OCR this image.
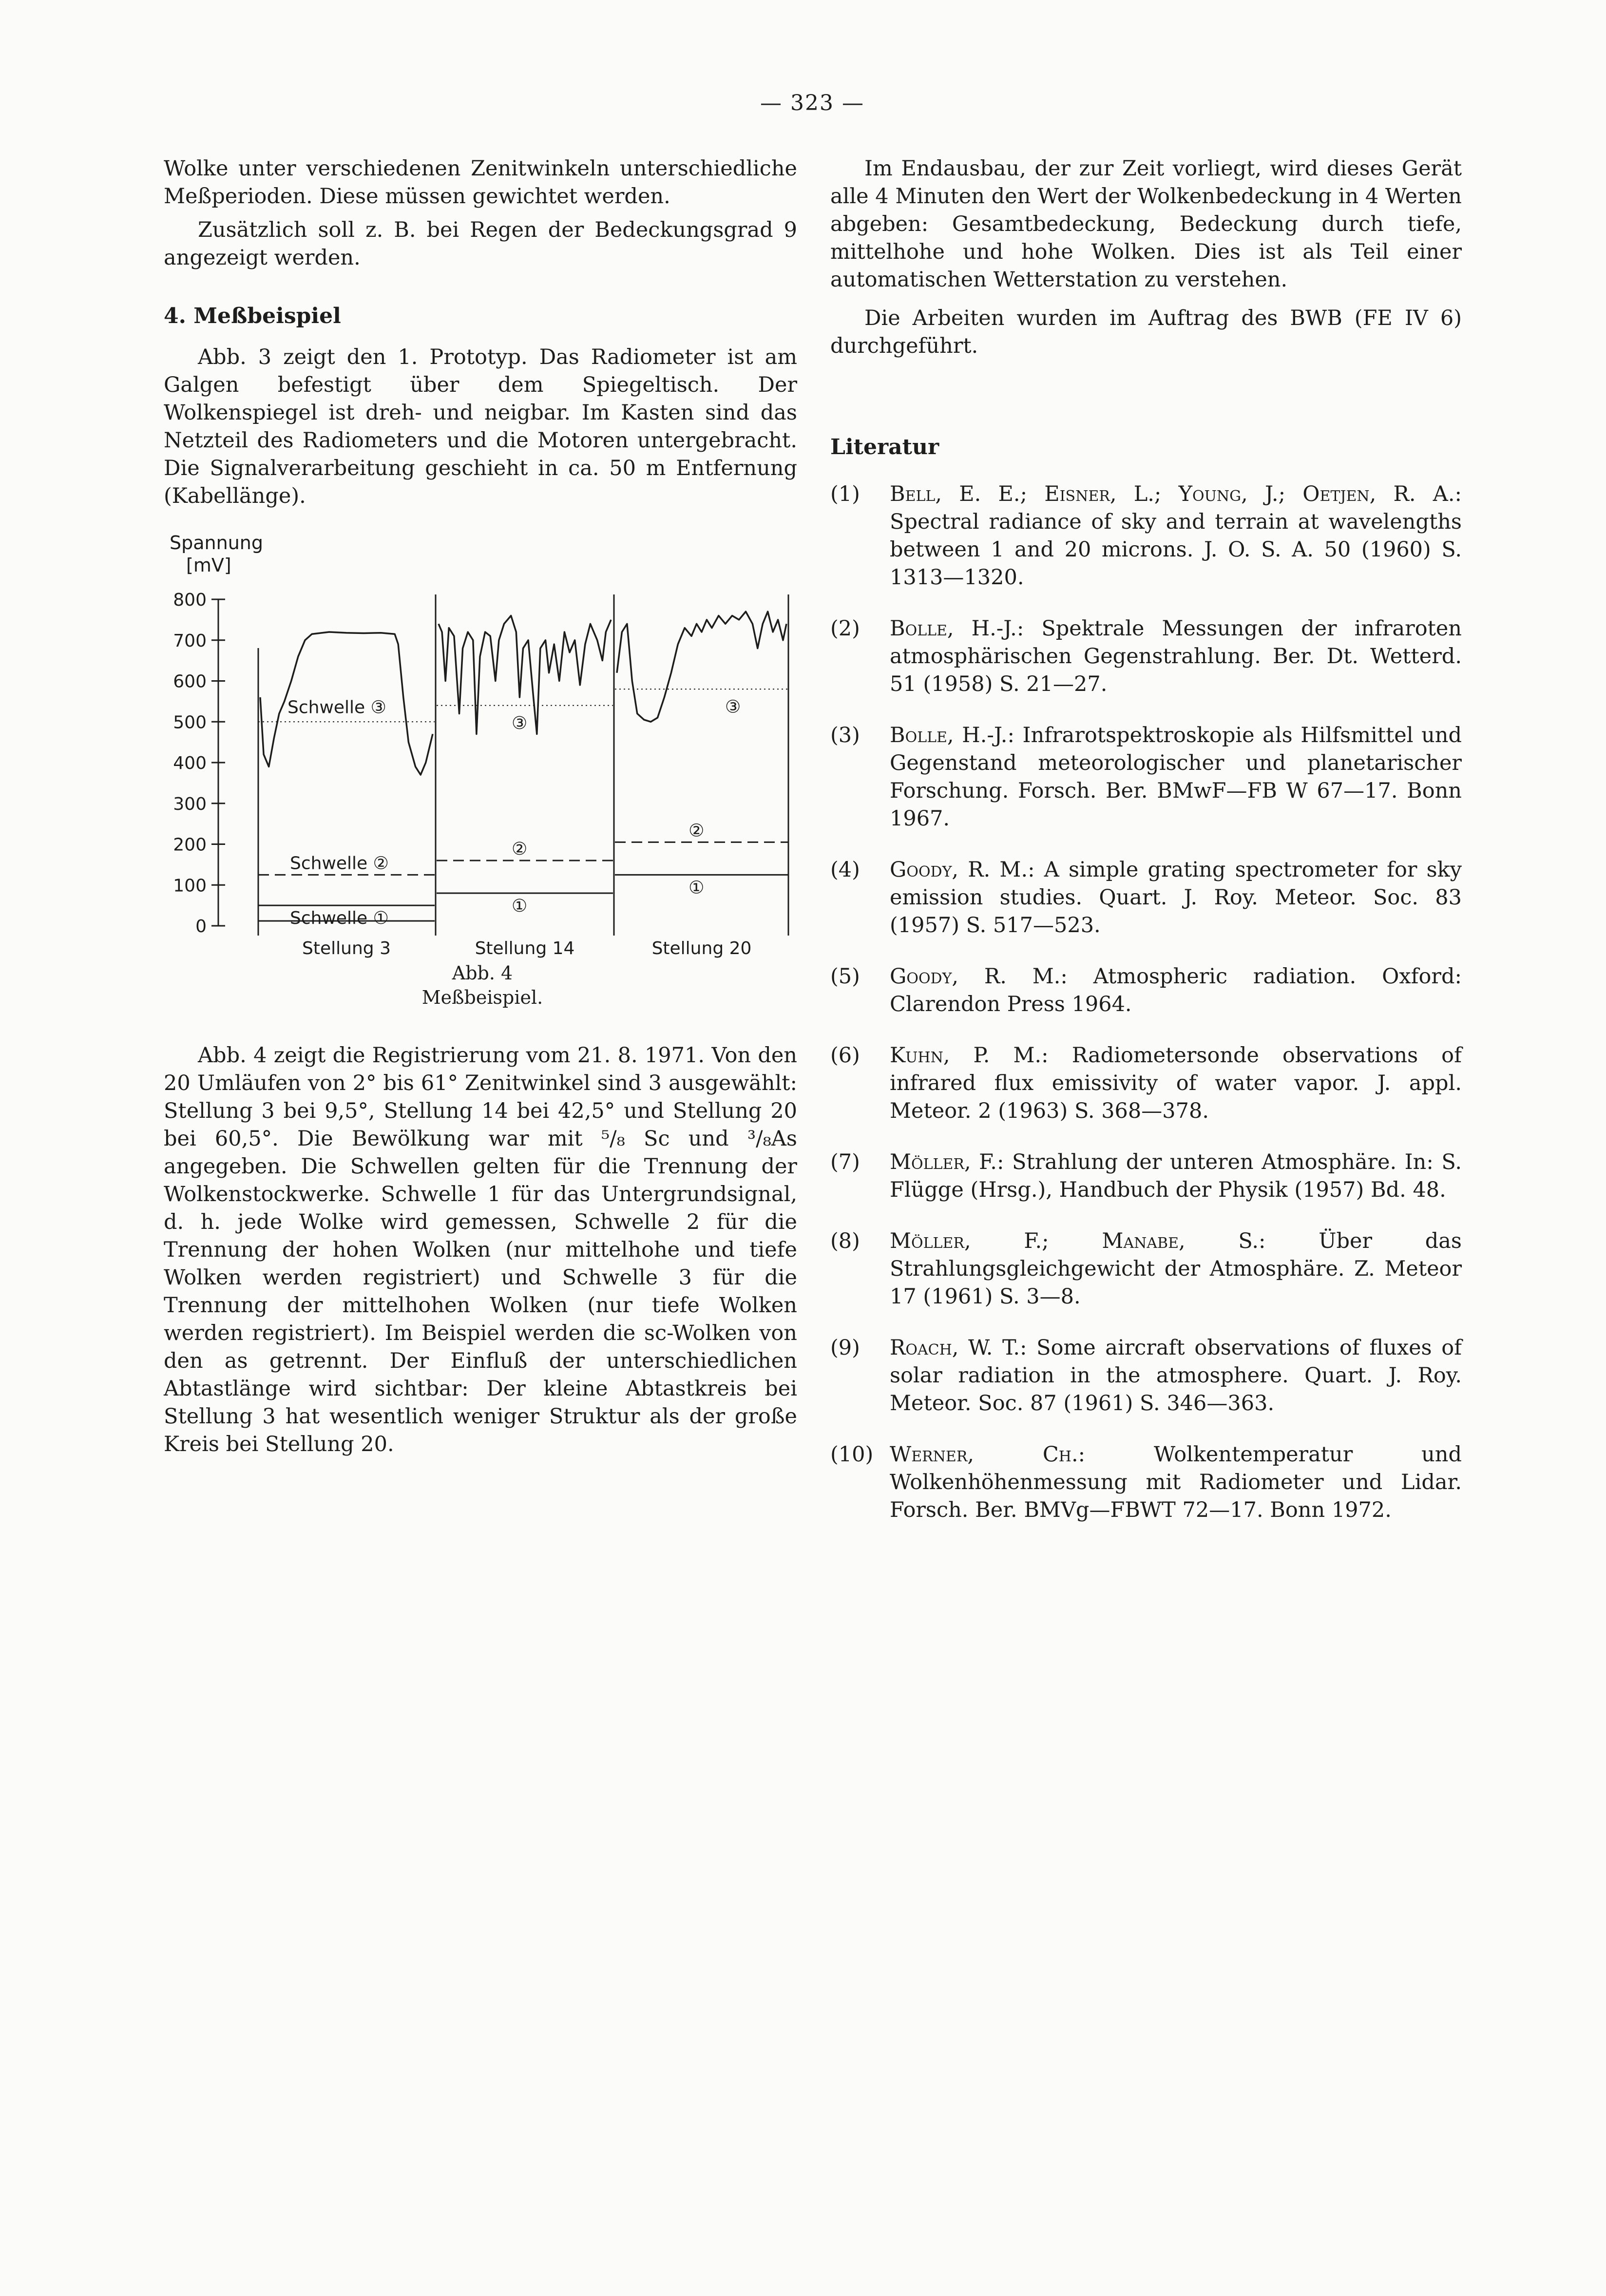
— 323 —

Wolke unter verschiedenen Zenitwinkeln unterschiedliche Meßperioden. Diese müssen gewichtet werden.

Zusätzlich soll z. B. bei Regen der Bedeckungsgrad 9 angezeigt werden.

4. Meßbeispiel

Abb. 3 zeigt den 1. Prototyp. Das Radiometer ist am Galgen befestigt über dem Spiegeltisch. Der Wolkenspiegel ist dreh- und neigbar. Im Kasten sind das Netzteil des Radiometers und die Motoren untergebracht. Die Signalverarbeitung geschieht in ca. 50 m Entfernung (Kabellänge).

Spannung
[mV]
0
100
200
300
400
500
600
700
800
Schwelle ①
Schwelle ②
Schwelle ③
Stellung 3
①
②
③
Stellung 14
①
②
③
Stellung 20
Abb. 4
Meßbeispiel.

Abb. 4 zeigt die Registrierung vom 21. 8. 1971. Von den 20 Umläufen von 2° bis 61° Zenitwinkel sind 3 ausgewählt: Stellung 3 bei 9,5°, Stellung 14 bei 42,5° und Stellung 20 bei 60,5°. Die Bewölkung war mit ⁵/₈ Sc und ³/₈As angegeben. Die Schwellen gelten für die Trennung der Wolkenstockwerke. Schwelle 1 für das Untergrundsignal, d. h. jede Wolke wird gemessen, Schwelle 2 für die Trennung der hohen Wolken (nur mittelhohe und tiefe Wolken werden registriert) und Schwelle 3 für die Trennung der mittelhohen Wolken (nur tiefe Wolken werden registriert). Im Beispiel werden die sc-Wolken von den as getrennt. Der Einfluß der unterschiedlichen Abtastlänge wird sichtbar: Der kleine Abtastkreis bei Stellung 3 hat wesentlich weniger Struktur als der große Kreis bei Stellung 20.

Im Endausbau, der zur Zeit vorliegt, wird dieses Gerät alle 4 Minuten den Wert der Wolkenbedeckung in 4 Werten abgeben: Gesamtbedeckung, Bedeckung durch tiefe, mittelhohe und hohe Wolken. Dies ist als Teil einer automatischen Wetterstation zu verstehen.

Die Arbeiten wurden im Auftrag des BWB (FE IV 6) durchgeführt.

Literatur

(1)	Bell, E. E.; Eisner, L.; Young, J.; Oetjen, R. A.: Spectral radiance of sky and terrain at wavelengths between 1 and 20 microns. J. O. S. A. 50 (1960) S. 1313—1320.
(2)	Bolle, H.-J.: Spektrale Messungen der infraroten atmosphärischen Gegenstrahlung. Ber. Dt. Wetterd. 51 (1958) S. 21—27.
(3)	Bolle, H.-J.: Infrarotspektroskopie als Hilfsmittel und Gegenstand meteorologischer und planetarischer Forschung. Forsch. Ber. BMwF—FB W 67—17. Bonn 1967.
(4)	Goody, R. M.: A simple grating spectrometer for sky emission studies. Quart. J. Roy. Meteor. Soc. 83 (1957) S. 517—523.
(5)	Goody, R. M.: Atmospheric radiation. Oxford: Clarendon Press 1964.
(6)	Kuhn, P. M.: Radiometersonde observations of infrared flux emissivity of water vapor. J. appl. Meteor. 2 (1963) S. 368—378.
(7)	Möller, F.: Strahlung der unteren Atmosphäre. In: S. Flügge (Hrsg.), Handbuch der Physik (1957) Bd. 48.
(8)	Möller, F.; Manabe, S.: Über das Strahlungsgleichgewicht der Atmosphäre. Z. Meteor 17 (1961) S. 3—8.
(9)	Roach, W. T.: Some aircraft observations of fluxes of solar radiation in the atmosphere. Quart. J. Roy. Meteor. Soc. 87 (1961) S. 346—363.
(10) Werner, Ch.: Wolkentemperatur und Wolkenhöhenmessung mit Radiometer und Lidar. Forsch. Ber. BMVg—FBWT 72—17. Bonn 1972.
